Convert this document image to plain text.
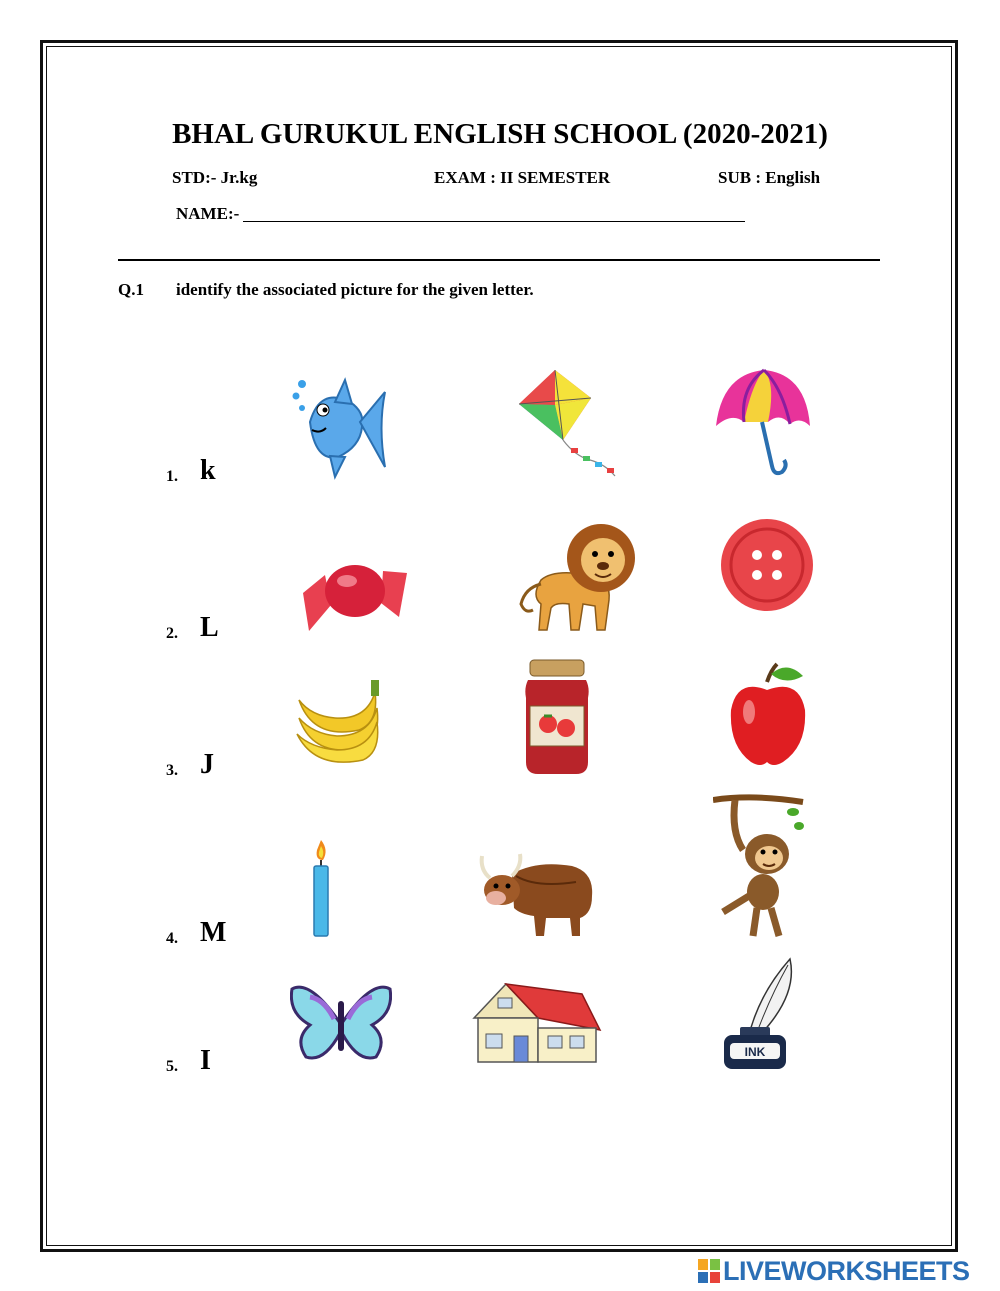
BHAL GURUKUL ENGLISH SCHOOL (2020-2021)
STD:- Jr.kg	EXAM : II SEMESTER	SUB : English
NAME:-
Q.1 identify the associated picture for the given letter.
1. k
2. L
3. J
4. M
5. I	INK
LIVEWORKSHEETS
